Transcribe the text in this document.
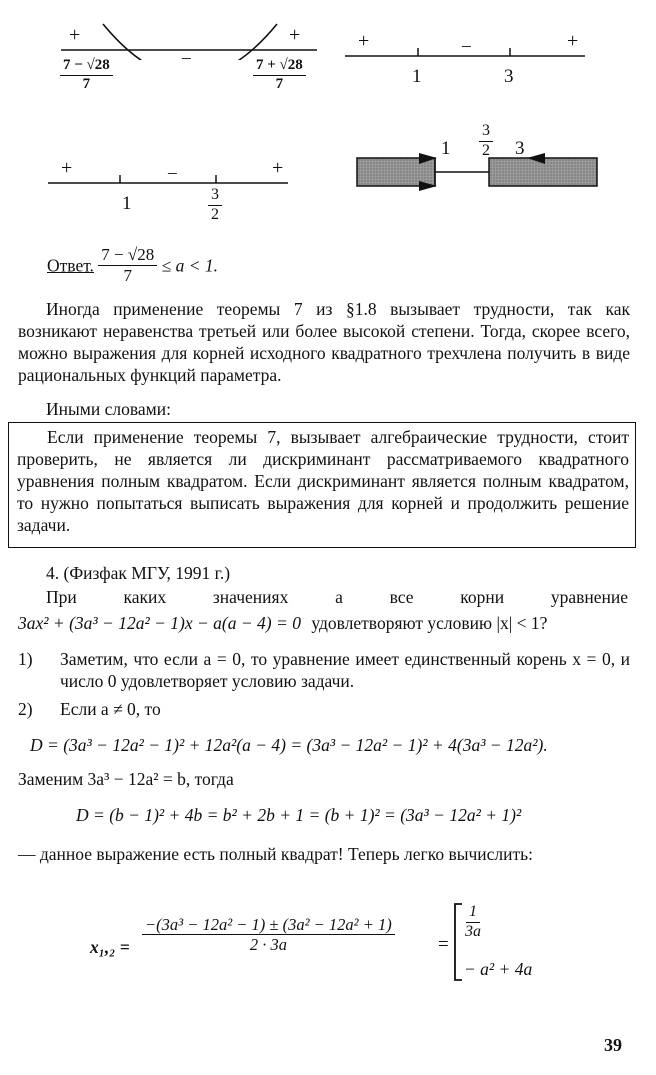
+
–
+
$\frac{7 - √28}{7}$	$\frac{7 + √28}{7}$
+	–	+
1	3
+	–	+
1	$\frac{3}{2}$
$1 \frac{3}{2} 3$
Ответ. $\frac{7 - √28}{7} \le a < 1$.

Иногда применение теоремы 7 из §1.8 вызывает трудности, так как возникают неравенства третьей или более высокой степени. Тогда, скорее всего, можно выражения для корней исходного квадратного трехчлена получить в виде рациональных функций параметра.

Иными словами:

Если применение теоремы 7, вызывает алгебраические трудности, стоит проверить, не является ли дискриминант рассматриваемого квадратного уравнения полным квадратом. Если дискриминант является полным квадратом, то нужно попытаться выписать выражения для корней и продолжить решение задачи.

4. (Физфак МГУ, 1991 г.)

При каких значениях a все корни уравнение

3ax² + (3a³ − 12a² − 1)x − a(a − 4) = 0 удовлетворяют условию |x| < 1?
1) Заметим, что если a = 0, то уравнение имеет единственный корень x = 0, и число 0 удовлетворяет условию задачи.

2) Если a ≠ 0, то

D = (3a³ − 12a² − 1)² + 12a²(a − 4) = (3a³ − 12a² − 1)² + 4(3a³ − 12a²).

Заменим 3a³ − 12a² = b, тогда

D = (b − 1)² + 4b = b² + 2b + 1 = (b + 1)² = (3a³ − 12a² + 1)²

— данное выражение есть полный квадрат! Теперь легко вычислить:

$x_1,_2 = \frac{\text{−(3a³ − 12a² − 1) ± (3a² − 12a² + 1)}}{2 \cdot 3a}$ =
$\frac{1}{3a}$
− a² + 4a
39
